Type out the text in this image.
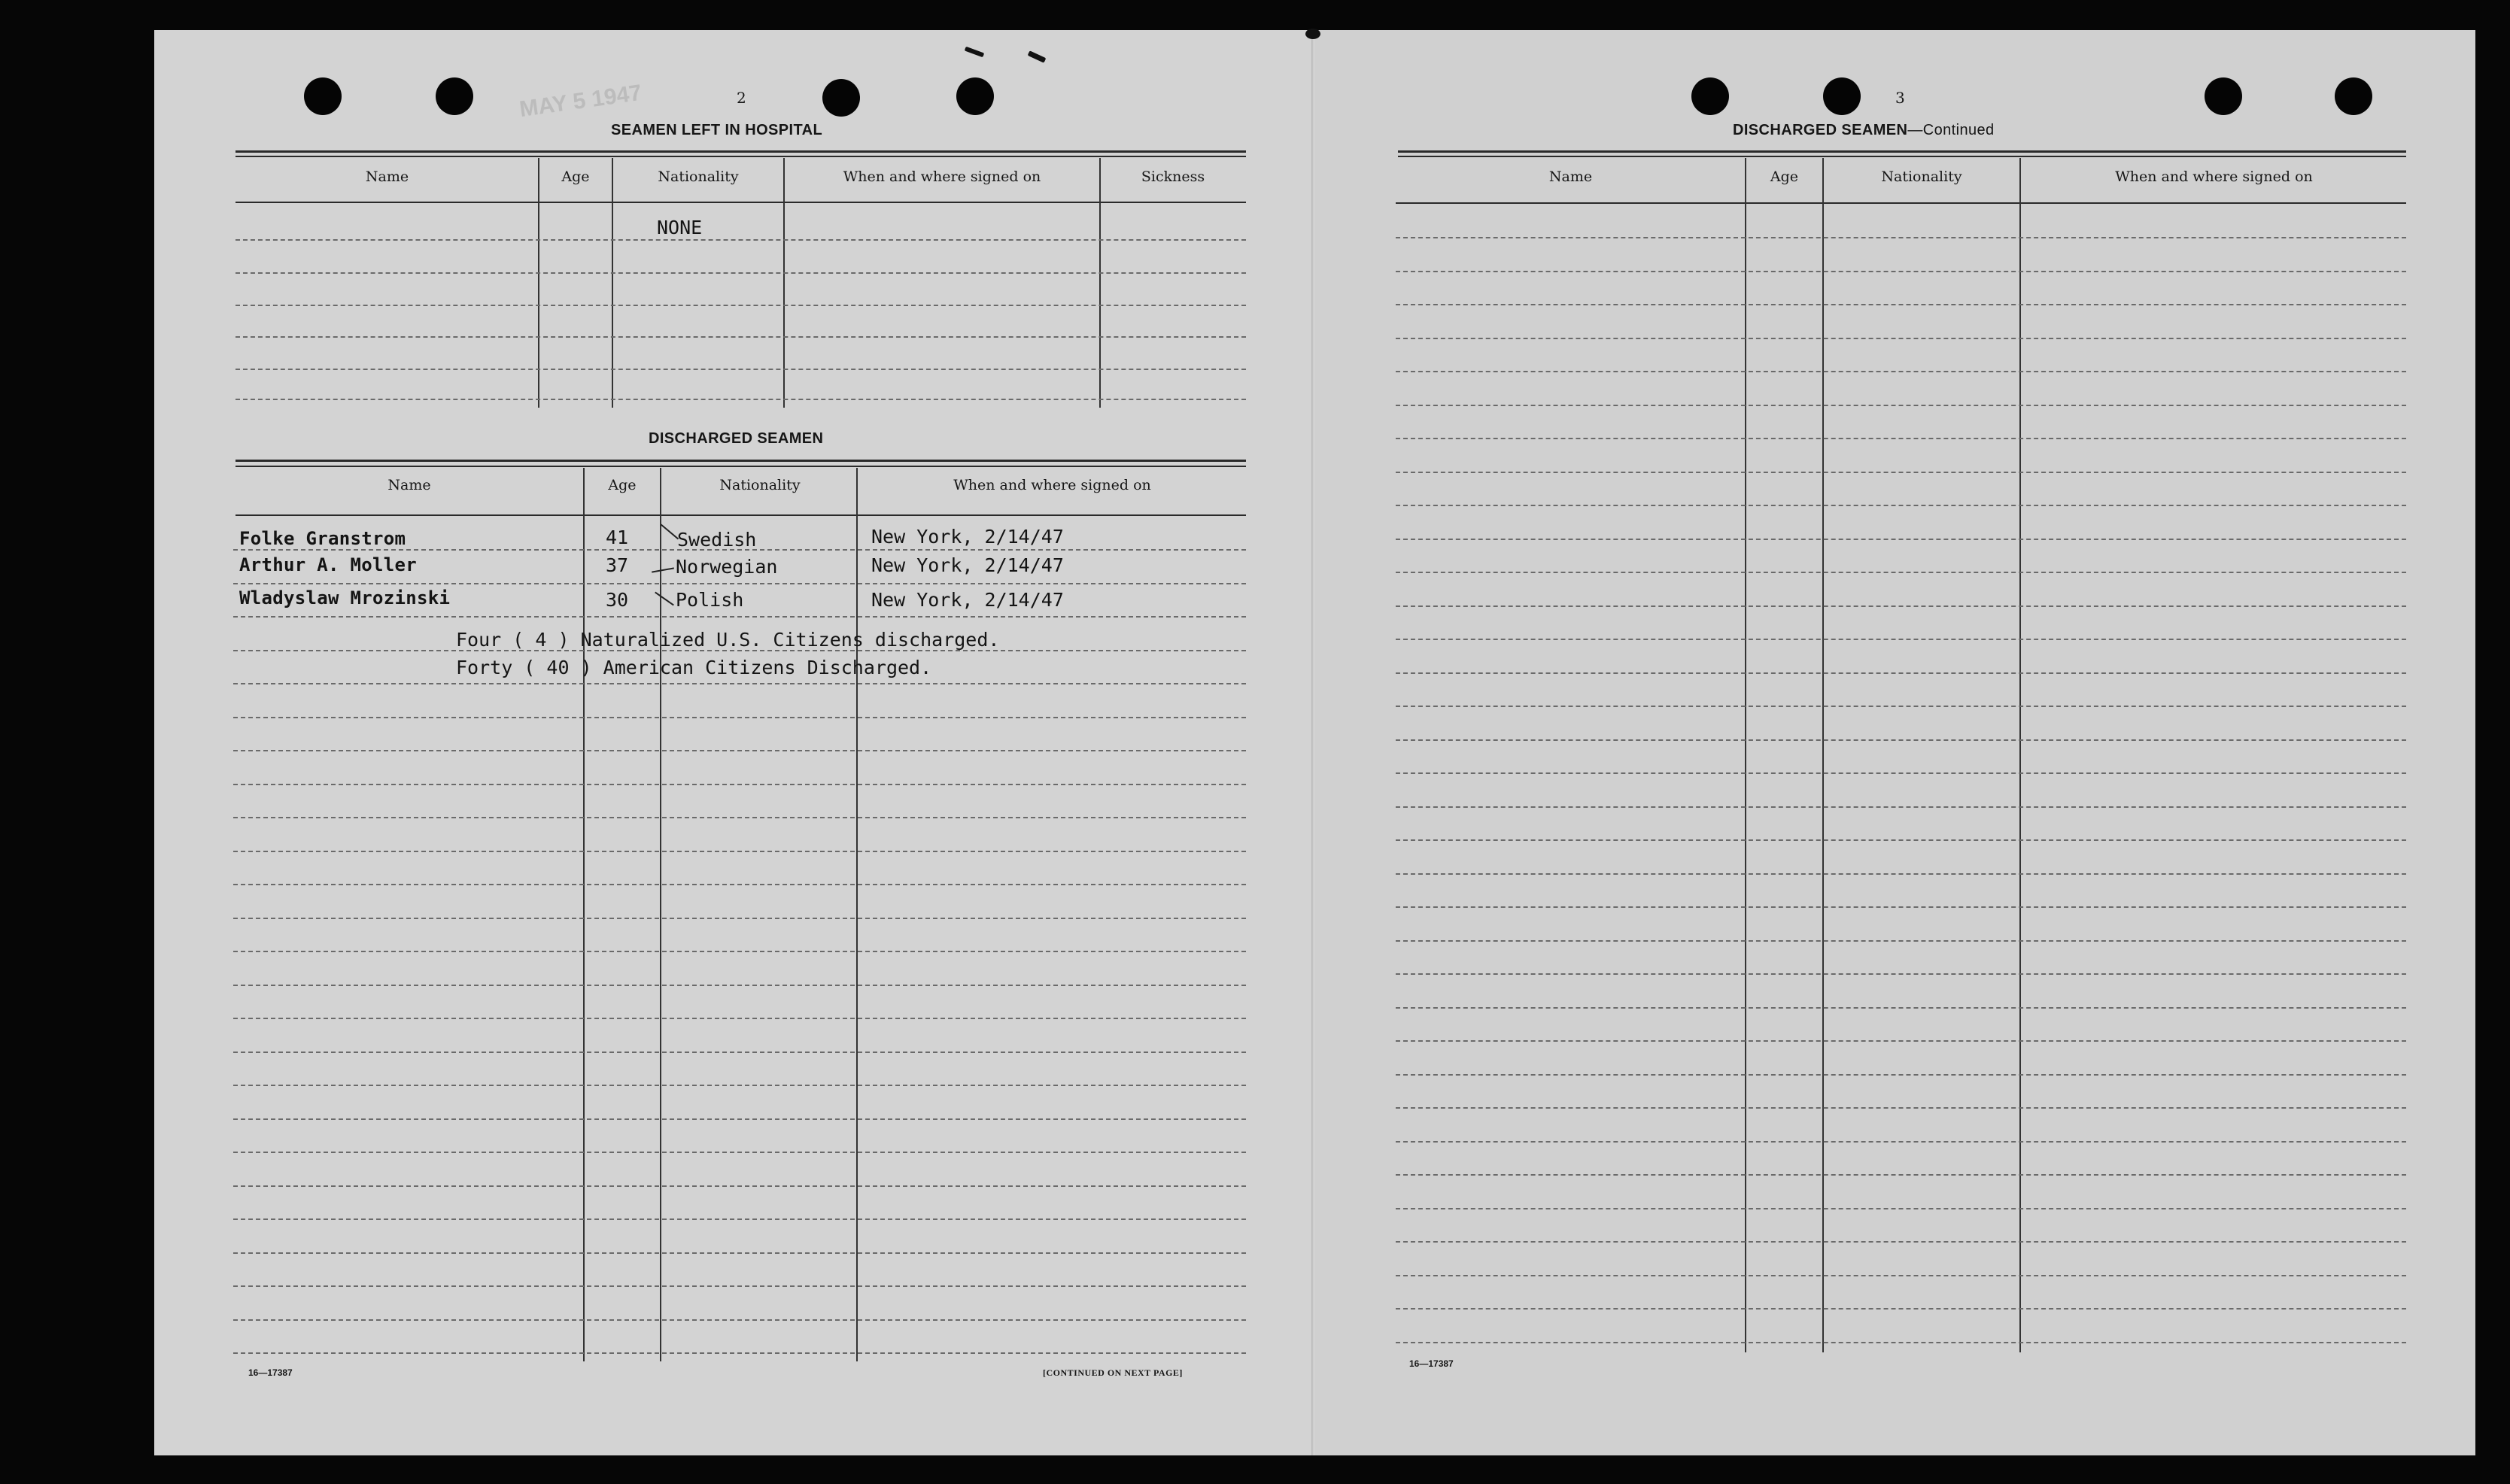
MAY 5 1947	2
SEAMEN LEFT IN HOSPITAL
Name	Age	Nationality	When and where signed on	Sickness
NONE
DISCHARGED SEAMEN
Name	Age	Nationality	When and where signed on
Folke Granstrom	41	Swedish	New York, 2/14/47
Arthur A. Moller	37	Norwegian	New York, 2/14/47
Wladyslaw Mrozinski	30	Polish	New York, 2/14/47
Four ( 4 ) Naturalized U.S. Citizens discharged.
Forty ( 40 ) American Citizens Discharged.
16—17387	[CONTINUED ON NEXT PAGE]
3
DISCHARGED SEAMEN—Continued
Name	Age	Nationality	When and where signed on
16—17387
